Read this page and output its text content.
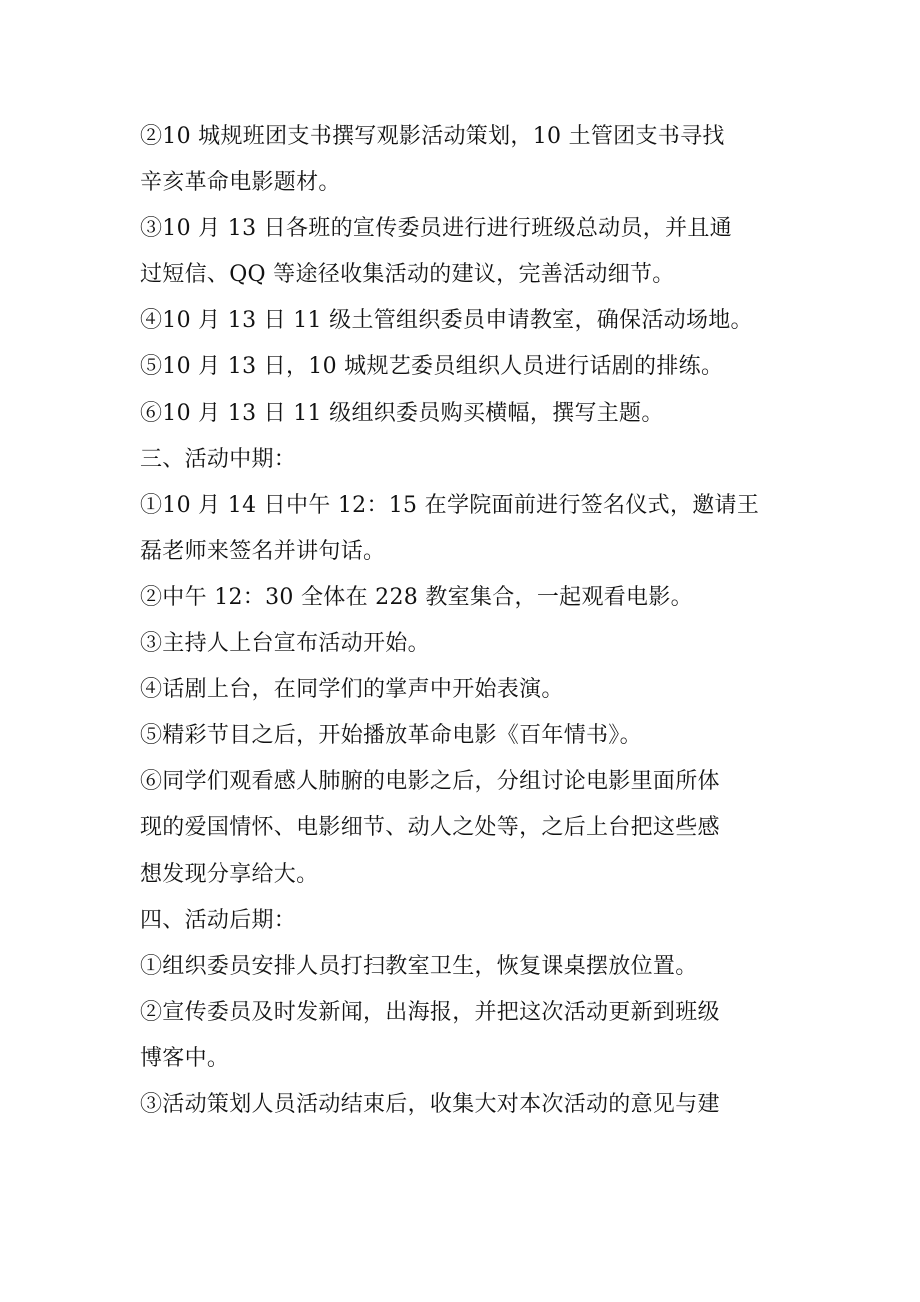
②10 城规班团支书撰写观影活动策划，10 土管团支书寻找
辛亥革命电影题材。
③10 月 13 日各班的宣传委员进行进行班级总动员，并且通
过短信、QQ 等途径收集活动的建议，完善活动细节。
④10 月 13 日 11 级土管组织委员申请教室，确保活动场地。
⑤10 月 13 日，10 城规艺委员组织人员进行话剧的排练。
⑥10 月 13 日 11 级组织委员购买横幅，撰写主题。
三、活动中期：
①10 月 14 日中午 12：15 在学院面前进行签名仪式，邀请王
磊老师来签名并讲句话。
②中午 12：30 全体在 228 教室集合，一起观看电影。
③主持人上台宣布活动开始。
④话剧上台，在同学们的掌声中开始表演。
⑤精彩节目之后，开始播放革命电影《百年情书》。
⑥同学们观看感人肺腑的电影之后，分组讨论电影里面所体
现的爱国情怀、电影细节、动人之处等，之后上台把这些感
想发现分享给大。
四、活动后期：
①组织委员安排人员打扫教室卫生，恢复课桌摆放位置。
②宣传委员及时发新闻，出海报，并把这次活动更新到班级
博客中。
③活动策划人员活动结束后，收集大对本次活动的意见与建
